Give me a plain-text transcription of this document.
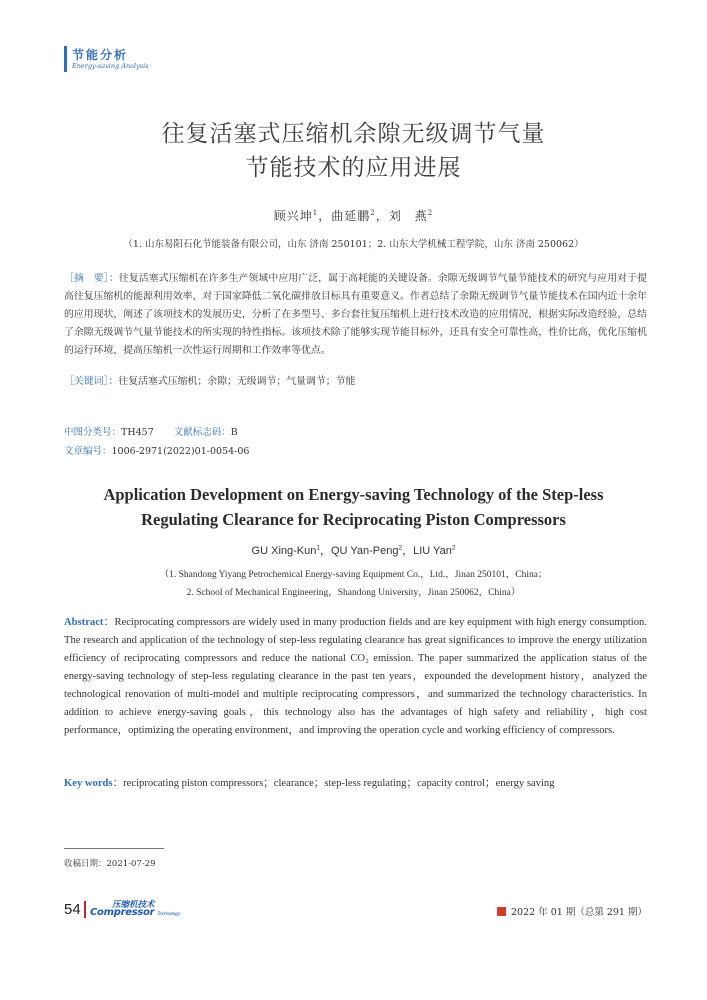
节能分析
Energy-saving Analysis
往复活塞式压缩机余隙无级调节气量
节能技术的应用进展
顾兴坤$^1$，曲延鹏$^2$，刘　燕$^2$
（1. 山东易阳石化节能装备有限公司，山东 济南 250101；2. 山东大学机械工程学院，山东 济南 250062）
［摘　要］：往复活塞式压缩机在许多生产领域中应用广泛，属于高耗能的关键设备。余隙无级调节气量节能技术的研究与应用对于提高往复压缩机的能源利用效率，对于国家降低二氧化碳排放目标具有重要意义。作者总结了余隙无级调节气量节能技术在国内近十余年的应用现状，阐述了该项技术的发展历史，分析了在多型号、多台套往复压缩机上进行技术改造的应用情况，根据实际改造经验，总结了余隙无级调节气量节能技术的所实现的特性指标。该项技术除了能够实现节能目标外，还具有安全可靠性高，性价比高，优化压缩机的运行环境，提高压缩机一次性运行周期和工作效率等优点。
［关键词］：往复活塞式压缩机；余隙；无级调节；气量调节；节能
中图分类号：TH457 文献标志码：B
文章编号：1006-2971(2022)01-0054-06
Application Development on Energy-saving Technology of the Step-less
Regulating Clearance for Reciprocating Piston Compressors
GU Xing-Kun$^1$，QU Yan-Peng$^2$，LIU Yan$^2$
（1. Shandong Yiyang Petrochemical Energy-saving Equipment Co.，Ltd.，Jinan 250101，China；
2. School of Mechanical Engineering，Shandong University，Jinan 250062，China）
Abstract：Reciprocating compressors are widely used in many production fields and are key equipment with high energy consumption. The research and application of the technology of step-less regulating clearance has great significances to improve the energy utilization efficiency of reciprocating compressors and reduce the national CO₂ emission. The paper summarized the application status of the energy-saving technology of step-less regulating clearance in the past ten years，expounded the development history，analyzed the technological renovation of multi-model and multiple reciprocating compressors，and summarized the technology characteristics. In addition to achieve energy-saving goals，this technology also has the advantages of high safety and reliability，high cost performance，optimizing the operating environment，and improving the operation cycle and working efficiency of compressors.
Key words：reciprocating piston compressors；clearance；step-less regulating；capacity control；energy saving
收稿日期：2021-07-29
54	压缩机技术
Compressor Technology	2022 年 01 期（总第 291 期）
